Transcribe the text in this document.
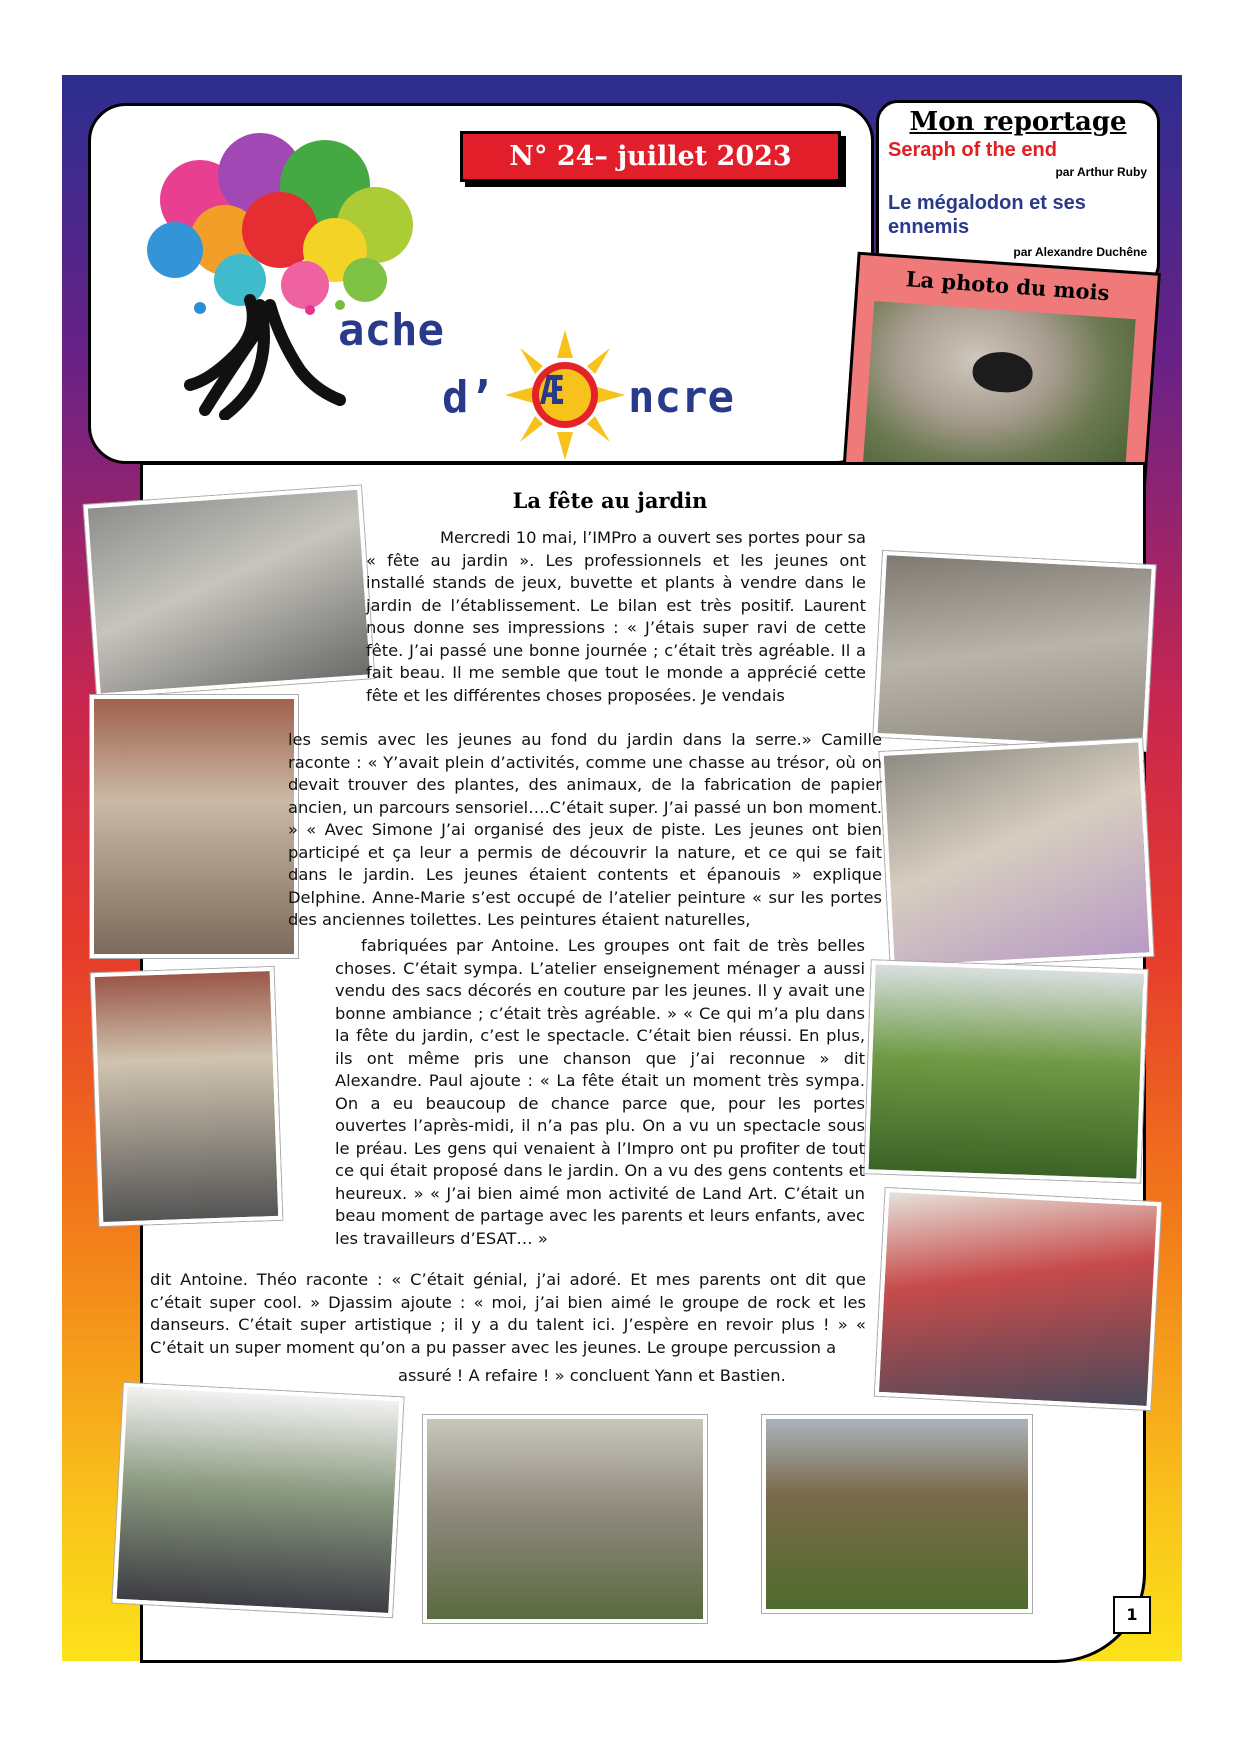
ache
d’ Æ ncre
N° 24– juillet 2023
Mon reportage
Seraph of the end
par Arthur Ruby
Le mégalodon et ses ennemis
par Alexandre Duchêne
La photo du mois
La fête au jardin
Mercredi 10 mai, l’IMPro a ouvert ses portes pour sa « fête au jardin ». Les professionnels et les jeunes ont installé stands de jeux, buvette et plants à vendre dans le jardin de l’établissement. Le bilan est très positif. Laurent nous donne ses impressions : « J’étais super ravi de cette fête. J’ai passé une bonne journée ; c’était très agréable. Il a fait beau. Il me semble que tout le monde a apprécié cette fête et les différentes choses proposées. Je vendais
les semis avec les jeunes au fond du jardin dans la serre.» Camille raconte : « Y’avait plein d’activités, comme une chasse au trésor, où on devait trouver des plantes, des animaux, de la fabrication de papier ancien, un parcours sensoriel….C’était super. J’ai passé un bon moment. » « Avec Simone J’ai organisé des jeux de piste. Les jeunes ont bien participé et ça leur a permis de découvrir la nature, et ce qui se fait dans le jardin. Les jeunes étaient contents et épanouis » explique Delphine. Anne-Marie s’est occupé de l’atelier peinture « sur les portes des anciennes toilettes. Les peintures étaient naturelles,
fabriquées par Antoine. Les groupes ont fait de très belles choses. C’était sympa. L’atelier enseignement ménager a aussi vendu des sacs décorés en couture par les jeunes. Il y avait une bonne ambiance ; c’était très agréable. » « Ce qui m’a plu dans la fête du jardin, c’est le spectacle. C’était bien réussi. En plus, ils ont même pris une chanson que j’ai reconnue » dit Alexandre. Paul ajoute : « La fête était un moment très sympa. On a eu beaucoup de chance parce que, pour les portes ouvertes l’après-midi, il n’a pas plu. On a vu un spectacle sous le préau. Les gens qui venaient à l’Impro ont pu profiter de tout ce qui était proposé dans le jardin. On a vu des gens contents et heureux. » « J’ai bien aimé mon activité de Land Art. C’était un beau moment de partage avec les parents et leurs enfants, avec les travailleurs d’ESAT… »
dit Antoine. Théo raconte : « C’était génial, j’ai adoré. Et mes parents ont dit que c’était super cool. » Djassim ajoute : « moi, j’ai bien aimé le groupe de rock et les danseurs. C’était super artistique ; il y a du talent ici. J’espère en revoir plus ! » « C’était un super moment qu’on a pu passer avec les jeunes. Le groupe percussion a
assuré ! A refaire ! » concluent Yann et Bastien.
1
